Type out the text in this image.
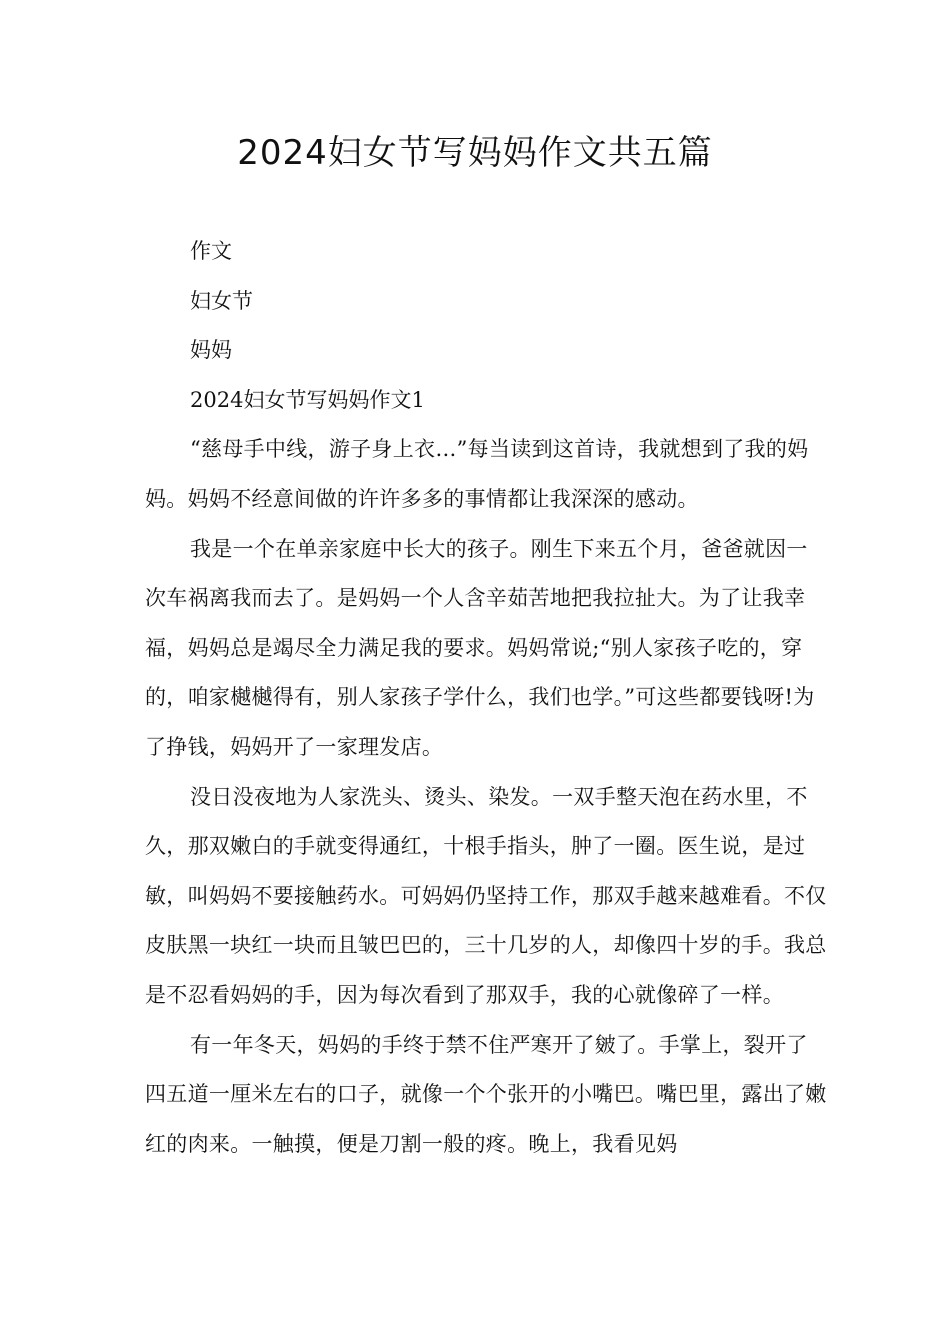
2024妇女节写妈妈作文共五篇

作文

妇女节

妈妈

2024妇女节写妈妈作文1

“慈母手中线，游子身上衣…”每当读到这首诗，我就想到了我的妈妈。妈妈不经意间做的许许多多的事情都让我深深的感动。

我是一个在单亲家庭中长大的孩子。刚生下来五个月，爸爸就因一次车祸离我而去了。是妈妈一个人含辛茹苦地把我拉扯大。为了让我幸福，妈妈总是竭尽全力满足我的要求。妈妈常说;“别人家孩子吃的，穿的，咱家樾樾得有，别人家孩子学什么，我们也学。”可这些都要钱呀!为了挣钱，妈妈开了一家理发店。

没日没夜地为人家洗头、烫头、染发。一双手整天泡在药水里，不久，那双嫩白的手就变得通红，十根手指头，肿了一圈。医生说，是过敏，叫妈妈不要接触药水。可妈妈仍坚持工作，那双手越来越难看。不仅皮肤黑一块红一块而且皱巴巴的，三十几岁的人，却像四十岁的手。我总是不忍看妈妈的手，因为每次看到了那双手，我的心就像碎了一样。

有一年冬天，妈妈的手终于禁不住严寒开了皴了。手掌上，裂开了四五道一厘米左右的口子，就像一个个张开的小嘴巴。嘴巴里，露出了嫩红的肉来。一触摸，便是刀割一般的疼。晚上，我看见妈
